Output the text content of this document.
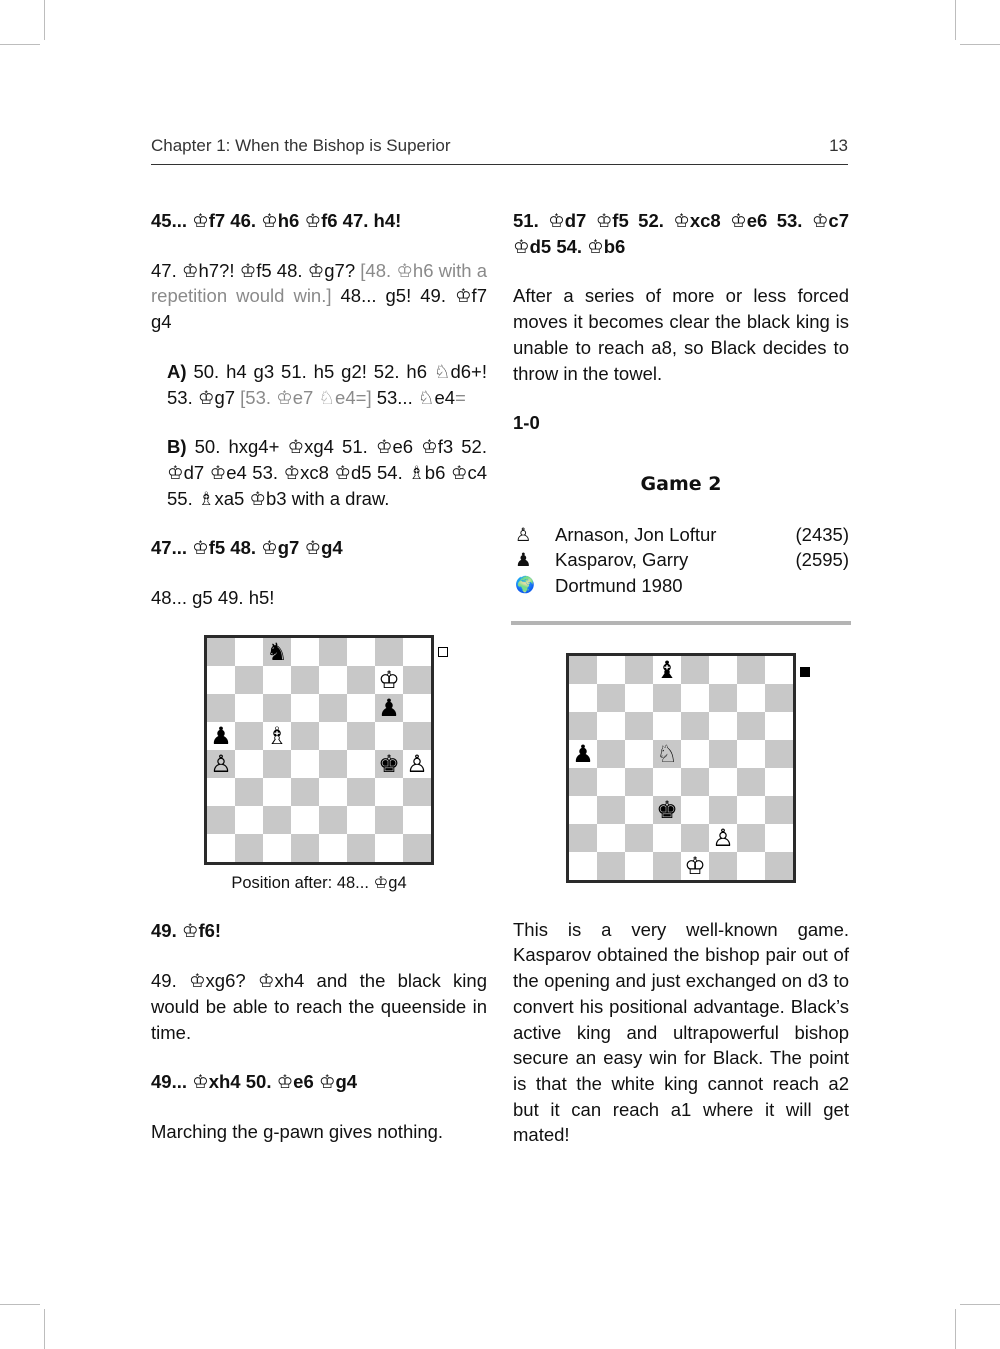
Chapter 1: When the Bishop is Superior	13

45... ♔f7 46. ♔h6 ♔f6 47. h4!

47. ♔h7?! ♔f5 48. ♔g7? [48. ♔h6 with a repetition would win.] 48... g5! 49. ♔f7 g4

A) 50. h4 g3 51. h5 g2! 52. h6 ♘d6+! 53. ♔g7 [53. ♔e7 ♘e4=] 53... ♘e4=

B) 50. hxg4+ ♔xg4 51. ♔e6 ♔f3 52. ♔d7 ♔e4 53. ♔xc8 ♔d5 54. ♗b6 ♔c4 55. ♗xa5 ♔b3 with a draw.

47... ♔f5 48. ♔g7 ♔g4

48... g5 49. h5!

♞
♔
♟
♟ ♗
♙	♚ ♙
Position after: 48... ♔g4

49. ♔f6!

49. ♔xg6? ♔xh4 and the black king would be able to reach the queenside in time.

49... ♔xh4 50. ♔e6 ♔g4

Marching the g-pawn gives nothing.

51. ♔d7 ♔f5 52. ♔xc8 ♔e6 53. ♔c7 ♔d5 54. ♔b6

After a series of more or less forced moves it becomes clear the black king is unable to reach a8, so Black decides to throw in the towel.

1-0

Game 2
♙	Arnason, Jon Loftur	(2435)
♟	Kasparov, Garry	(2595)
🌍	Dortmund 1980
♝
♟	♘
♚
♙
♔

This is a very well-known game. Kasparov obtained the bishop pair out of the opening and just exchanged on d3 to convert his positional advantage. Black’s active king and ultrapowerful bishop secure an easy win for Black. The point is that the white king cannot reach a2 but it can reach a1 where it will get mated!
